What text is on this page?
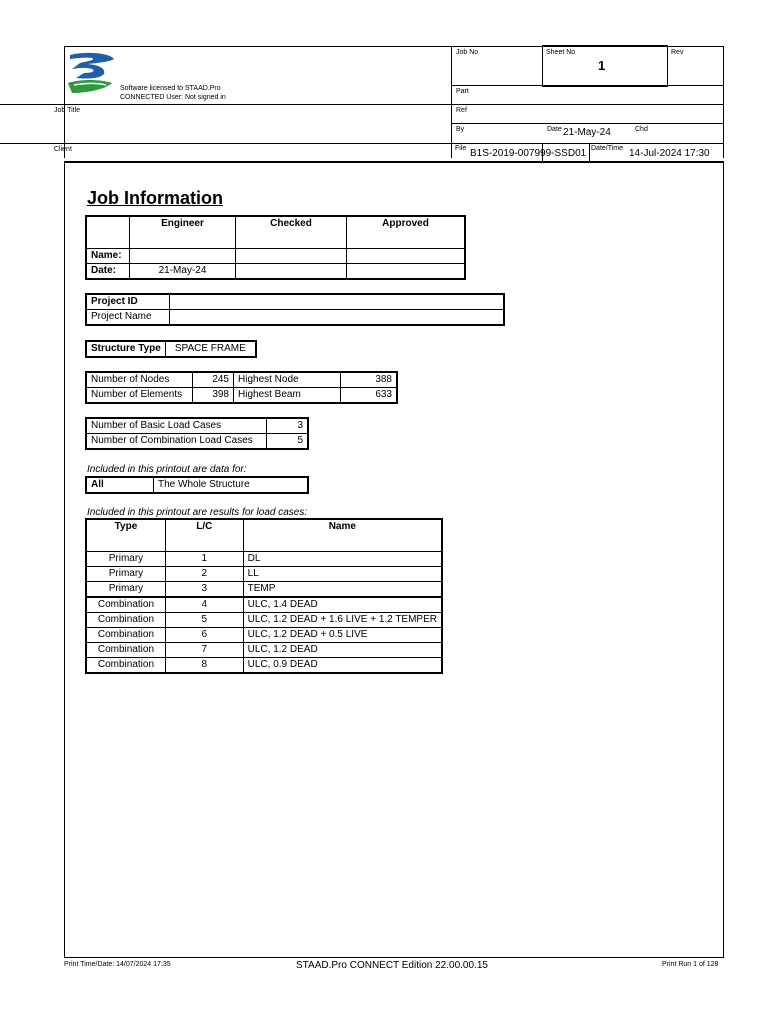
Software licensed to STAAD.Pro
CONNECTED User: Not signed in
Job Title
Client
Job No	Sheet No
1
Rev
Part
Ref
By	Date 21-May-24	Chd
File B1S-2019-007999-SSD01 Date/Time 14-Jul-2024 17:30
Job Information
	Engineer	Checked	Approved
Name:			
Date:	21-May-24		
Project ID	
Project Name	
Structure Type	SPACE FRAME
Number of Nodes	245	Highest Node	388
Number of Elements	398	Highest Beam	633
Number of Basic Load Cases	3
Number of Combination Load Cases	5
Included in this printout are data for:
All	The Whole Structure
Included in this printout are results for load cases:
Type	L/C	Name
Primary	1	DL
Primary	2	LL
Primary	3	TEMP
Combination	4	ULC, 1.4 DEAD
Combination	5	ULC, 1.2 DEAD + 1.6 LIVE + 1.2 TEMPER
Combination	6	ULC, 1.2 DEAD + 0.5 LIVE
Combination	7	ULC, 1.2 DEAD
Combination	8	ULC, 0.9 DEAD
Print Time/Date: 14/07/2024 17:35	STAAD.Pro CONNECT Edition 22.00.00.15	Print Run 1 of 128
